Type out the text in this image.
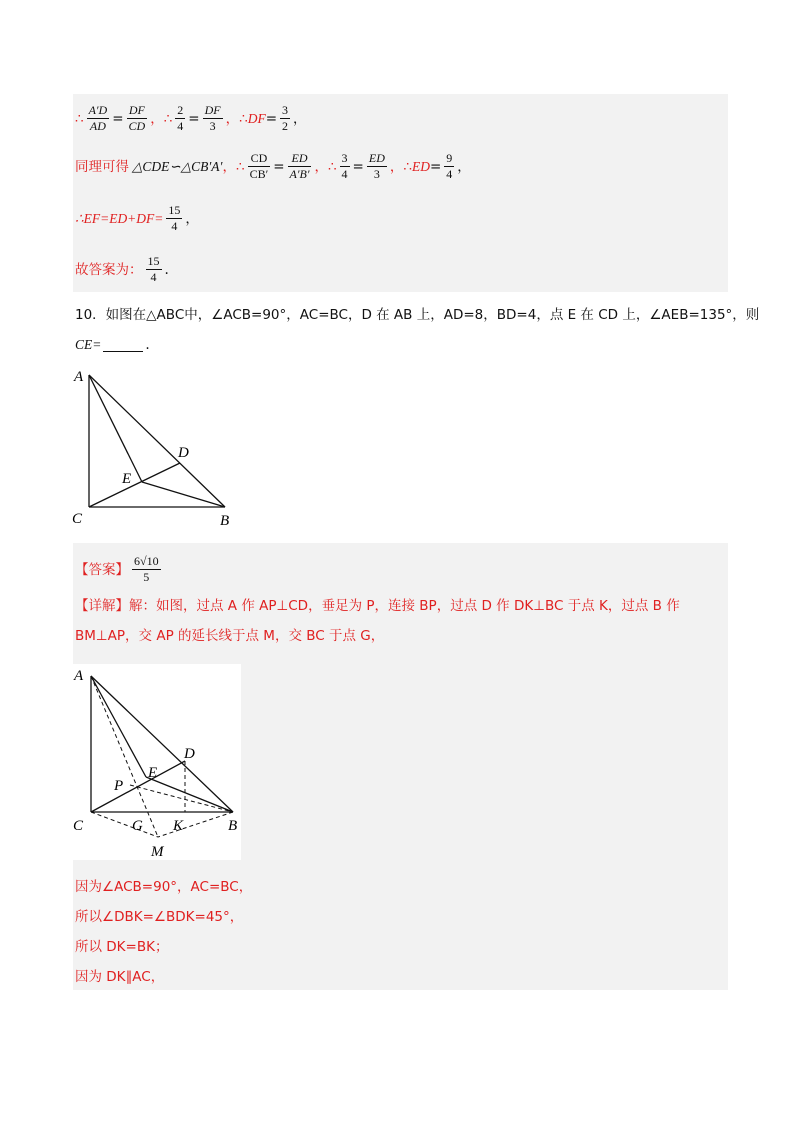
∴ $\frac{A'D}{AD} = \frac{DF}{CD}$ ， ∴ $\frac{2}{4} = \frac{DF}{3}$ ， ∴ DF = $\frac{3}{2}$ ，
同理可得 △CDE∽△CB′A′ ， ∴ $\frac{CD}{CB'} = \frac{ED}{A'B'}$ ， ∴ $\frac{3}{4} = \frac{ED}{3}$ ， ∴ ED = $\frac{9}{4}$ ，
∴EF=ED+DF= $\frac{15}{4}$ ，
故答案为： $\frac{15}{4}$ .
10．如图在△ABC中，∠ACB=90°，AC=BC，D 在 AB 上，AD=8，BD=4，点 E 在 CD 上，∠AEB=135°，则
CE=	.
A
C	B
D
E
【答案】 $\frac{6√10}{5}$
【详解】解：如图，过点 A 作 AP⊥CD，垂足为 P，连接 BP，过点 D 作 DK⊥BC 于点 K，过点 B 作
BM⊥AP，交 AP 的延长线于点 M，交 BC 于点 G，
A
C	B
D
E
P
G K
M
因为∠ACB=90°，AC=BC，
所以∠DBK=∠BDK=45°，
所以 DK=BK；
因为 DK∥AC，
